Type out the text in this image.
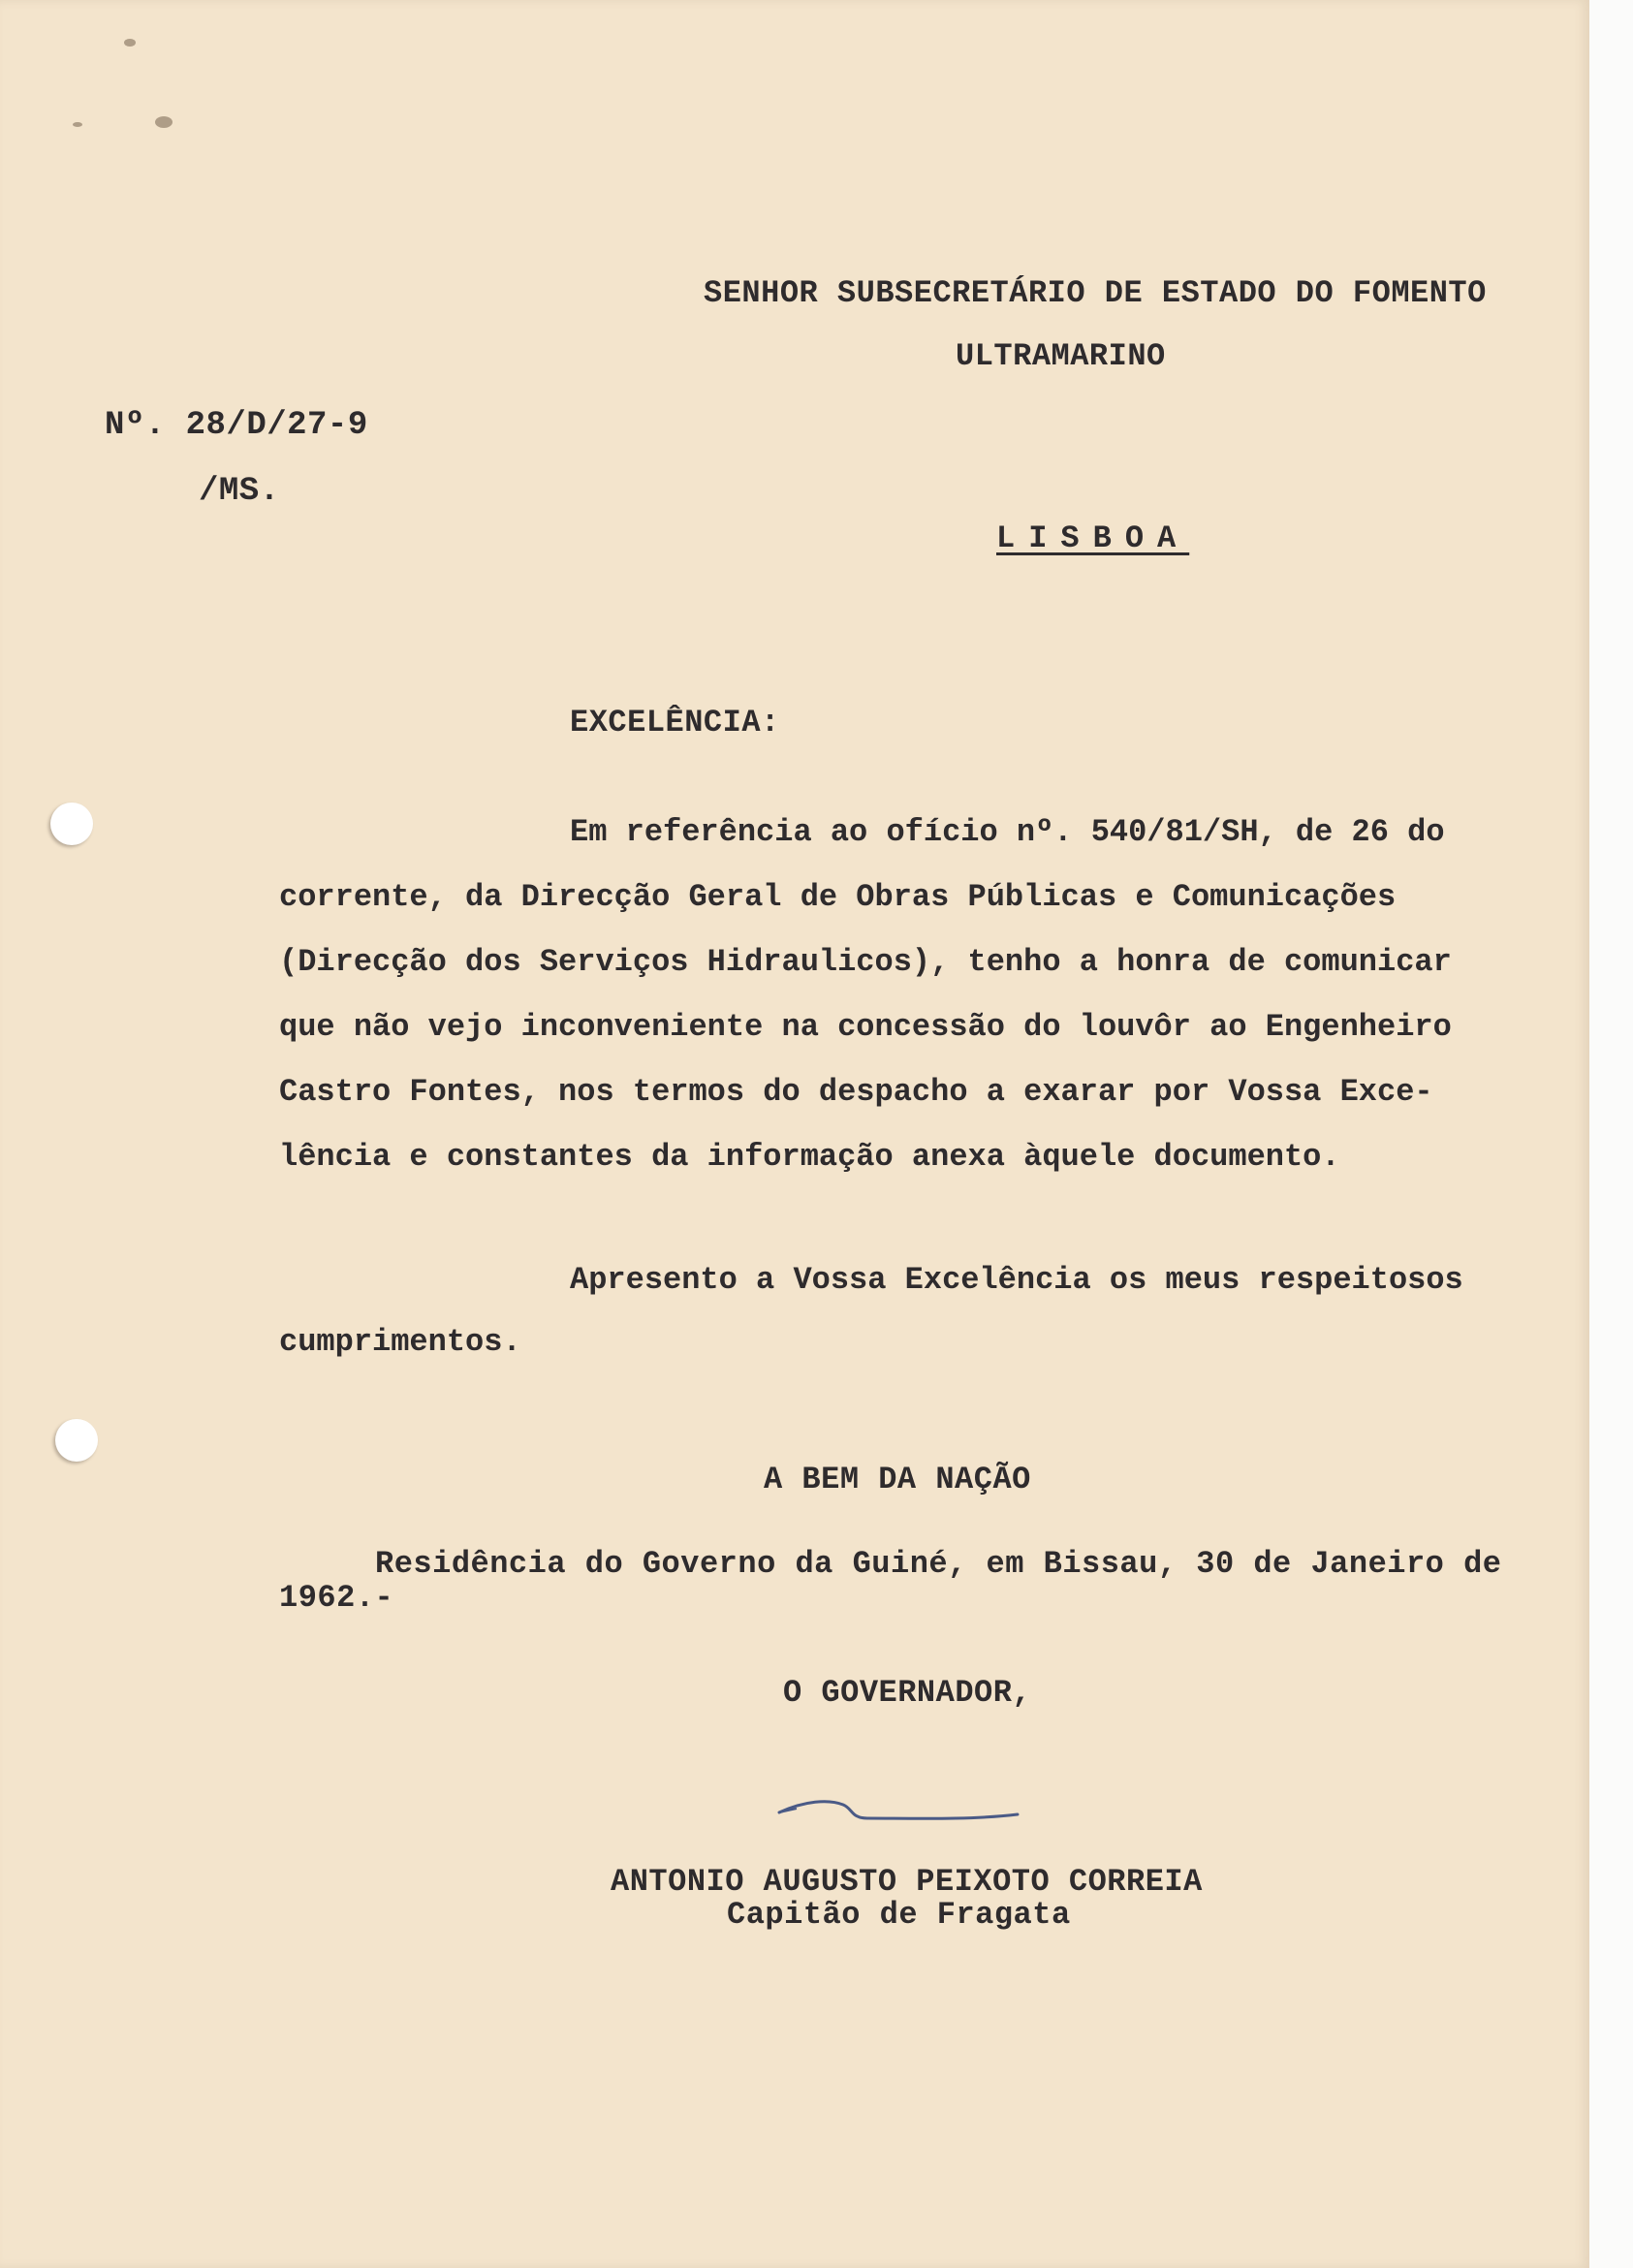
SENHOR SUBSECRETÁRIO DE ESTADO DO FOMENTO
ULTRAMARINO
Nº. 28/D/27-9
/MS.
LISBOA
EXCELÊNCIA:
Em referência ao ofício nº. 540/81/SH, de 26 do
corrente, da Direcção Geral de Obras Públicas e Comunicações
(Direcção dos Serviços Hidraulicos), tenho a honra de comunicar
que não vejo inconveniente na concessão do louvôr ao Engenheiro
Castro Fontes, nos termos do despacho a exarar por Vossa Exce-
lência e constantes da informação anexa àquele documento.
Apresento a Vossa Excelência os meus respeitosos
cumprimentos.
A BEM DA NAÇÃO
Residência do Governo da Guiné, em Bissau, 30 de Janeiro de
1962.-
O GOVERNADOR,
ANTONIO AUGUSTO PEIXOTO CORREIA
Capitão de Fragata
